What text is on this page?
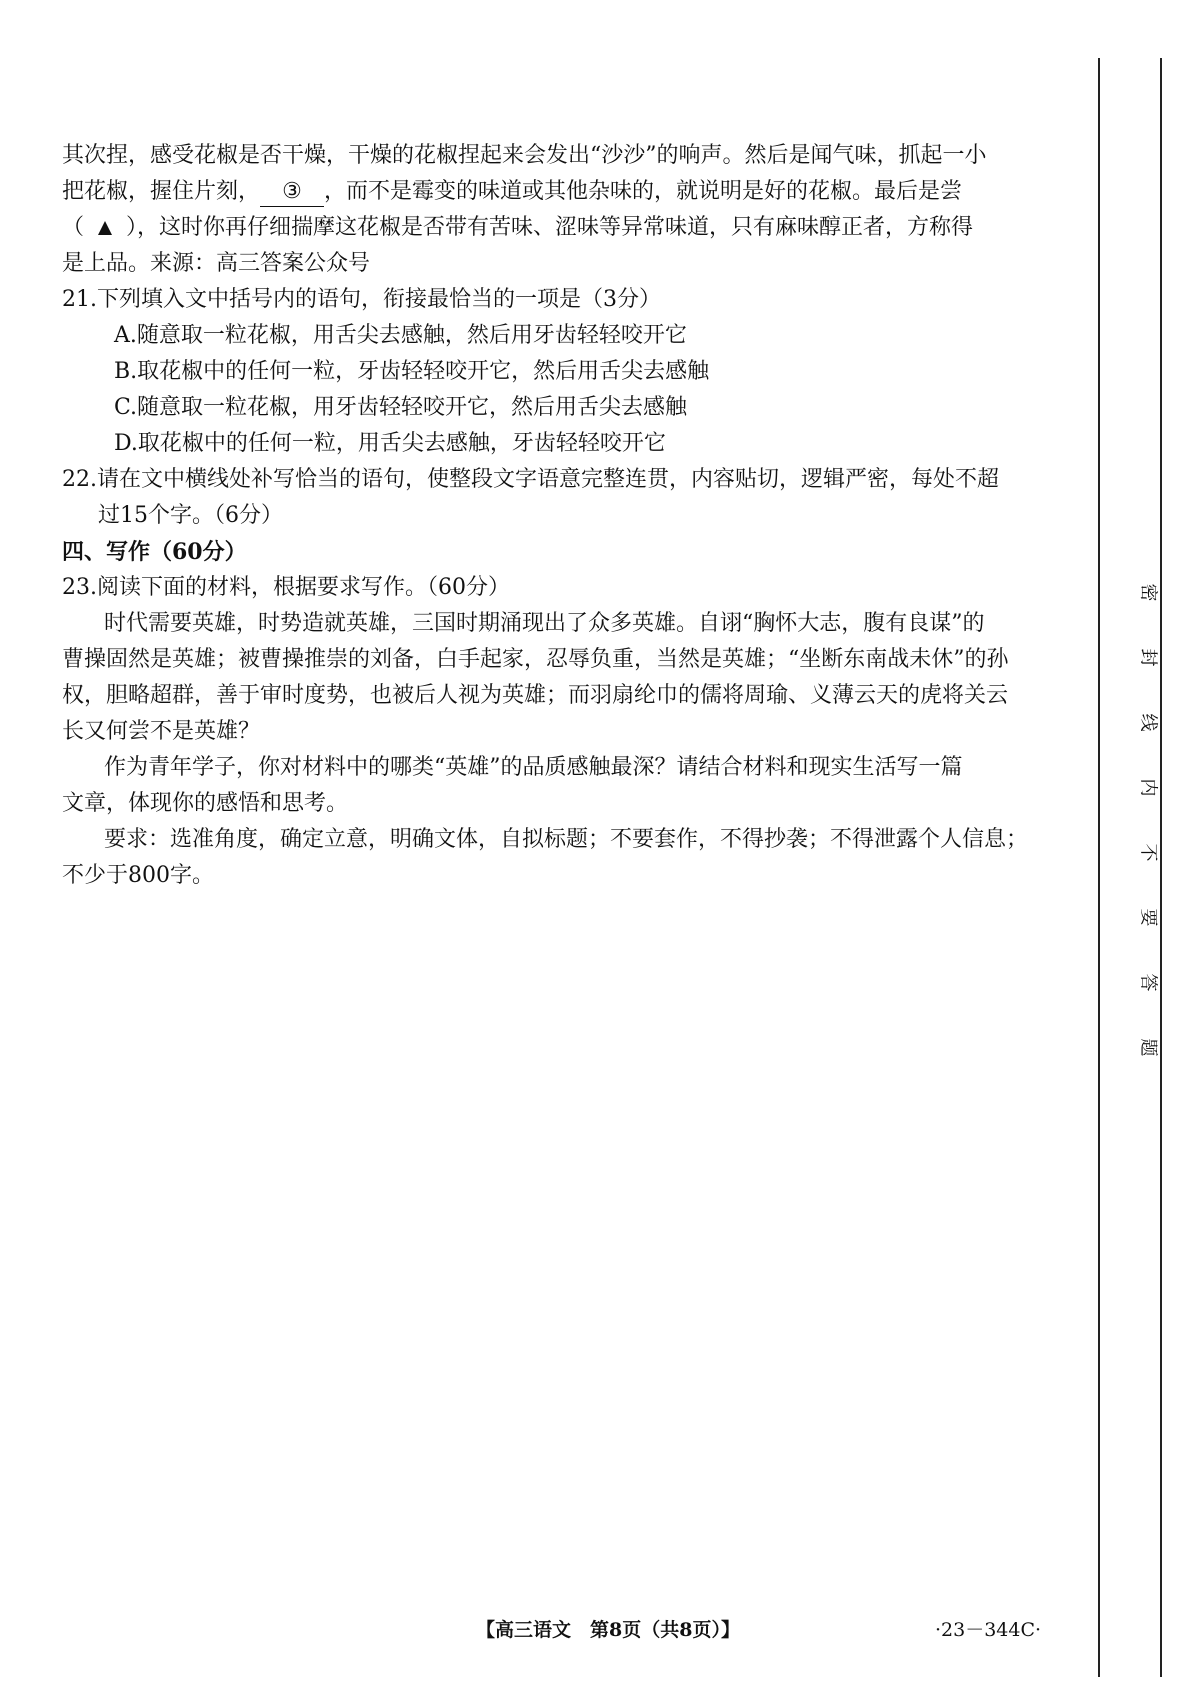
其次捏，感受花椒是否干燥，干燥的花椒捏起来会发出“沙沙”的响声。然后是闻气味，抓起一小
把花椒，握住片刻， ③ ，而不是霉变的味道或其他杂味的，就说明是好的花椒。最后是尝
（ ），这时你再仔细揣摩这花椒是否带有苦味、涩味等异常味道，只有麻味醇正者，方称得
是上品。来源：高三答案公众号
21.下列填入文中括号内的语句，衔接最恰当的一项是（3分）
A.随意取一粒花椒，用舌尖去感触，然后用牙齿轻轻咬开它
B.取花椒中的任何一粒，牙齿轻轻咬开它，然后用舌尖去感触
C.随意取一粒花椒，用牙齿轻轻咬开它，然后用舌尖去感触
D.取花椒中的任何一粒，用舌尖去感触，牙齿轻轻咬开它
22.请在文中横线处补写恰当的语句，使整段文字语意完整连贯，内容贴切，逻辑严密，每处不超
过15个字。（6分）
四、写作（60分）
23.阅读下面的材料，根据要求写作。（60分）
时代需要英雄，时势造就英雄，三国时期涌现出了众多英雄。自诩“胸怀大志，腹有良谋”的
曹操固然是英雄；被曹操推崇的刘备，白手起家，忍辱负重，当然是英雄；“坐断东南战未休”的孙
权，胆略超群，善于审时度势，也被后人视为英雄；而羽扇纶巾的儒将周瑜、义薄云天的虎将关云
长又何尝不是英雄？
作为青年学子，你对材料中的哪类“英雄”的品质感触最深？请结合材料和现实生活写一篇
文章，体现你的感悟和思考。
要求：选准角度，确定立意，明确文体，自拟标题；不要套作，不得抄袭；不得泄露个人信息；
不少于800字。
【高三语文　第8页（共8页）】	·23－344C·
密
封
线
内
不
要
答
题
